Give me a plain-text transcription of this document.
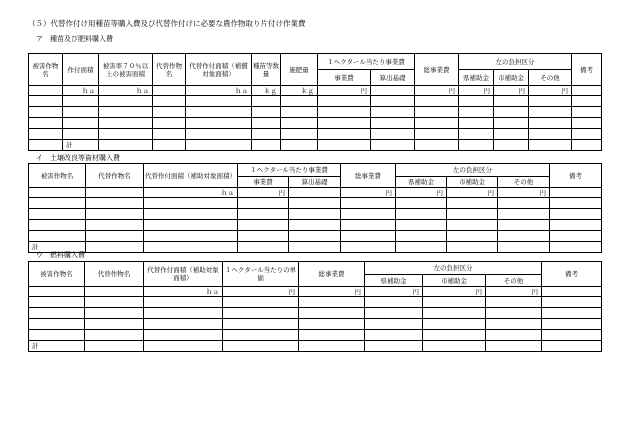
（５）代替作付け用種苗等購入費及び代替作付けに必要な農作物取り片付け作業費
ア　種苗及び肥料購入費
被害作物名	作付面積	被害率７０％以上の被害面積	代替作物名	代替作付面積（補償対象面積）	種苗等数量	施肥量	１ヘクタール当たり事業費		総事業費	左の負担区分			備考
							事業費	算出基礎		県補助金	市補助金	その他	
	ｈａ	ｈａ		ｈａ	ｋｇ	ｋｇ	円		円	円	円	円	

	計												
イ　土壌改良等資材購入費
被害作物名	代替作物名	代替作付面積（補助対象面積）	１ヘクタール当たり事業費		総事業費	左の負担区分			備考
			事業費	算出基礎		県補助金	市補助金	その他	
		ｈａ	円		円	円	円	円	

計									
ウ　燃料購入費
被害作物名	代替作物名	代替作付面積（補助対象面積）	１ヘクタール当たりの単価	総事業費	左の負担区分			備考
					県補助金	市補助金	その他	
		ｈａ	円	円	円	円	円	

計								
